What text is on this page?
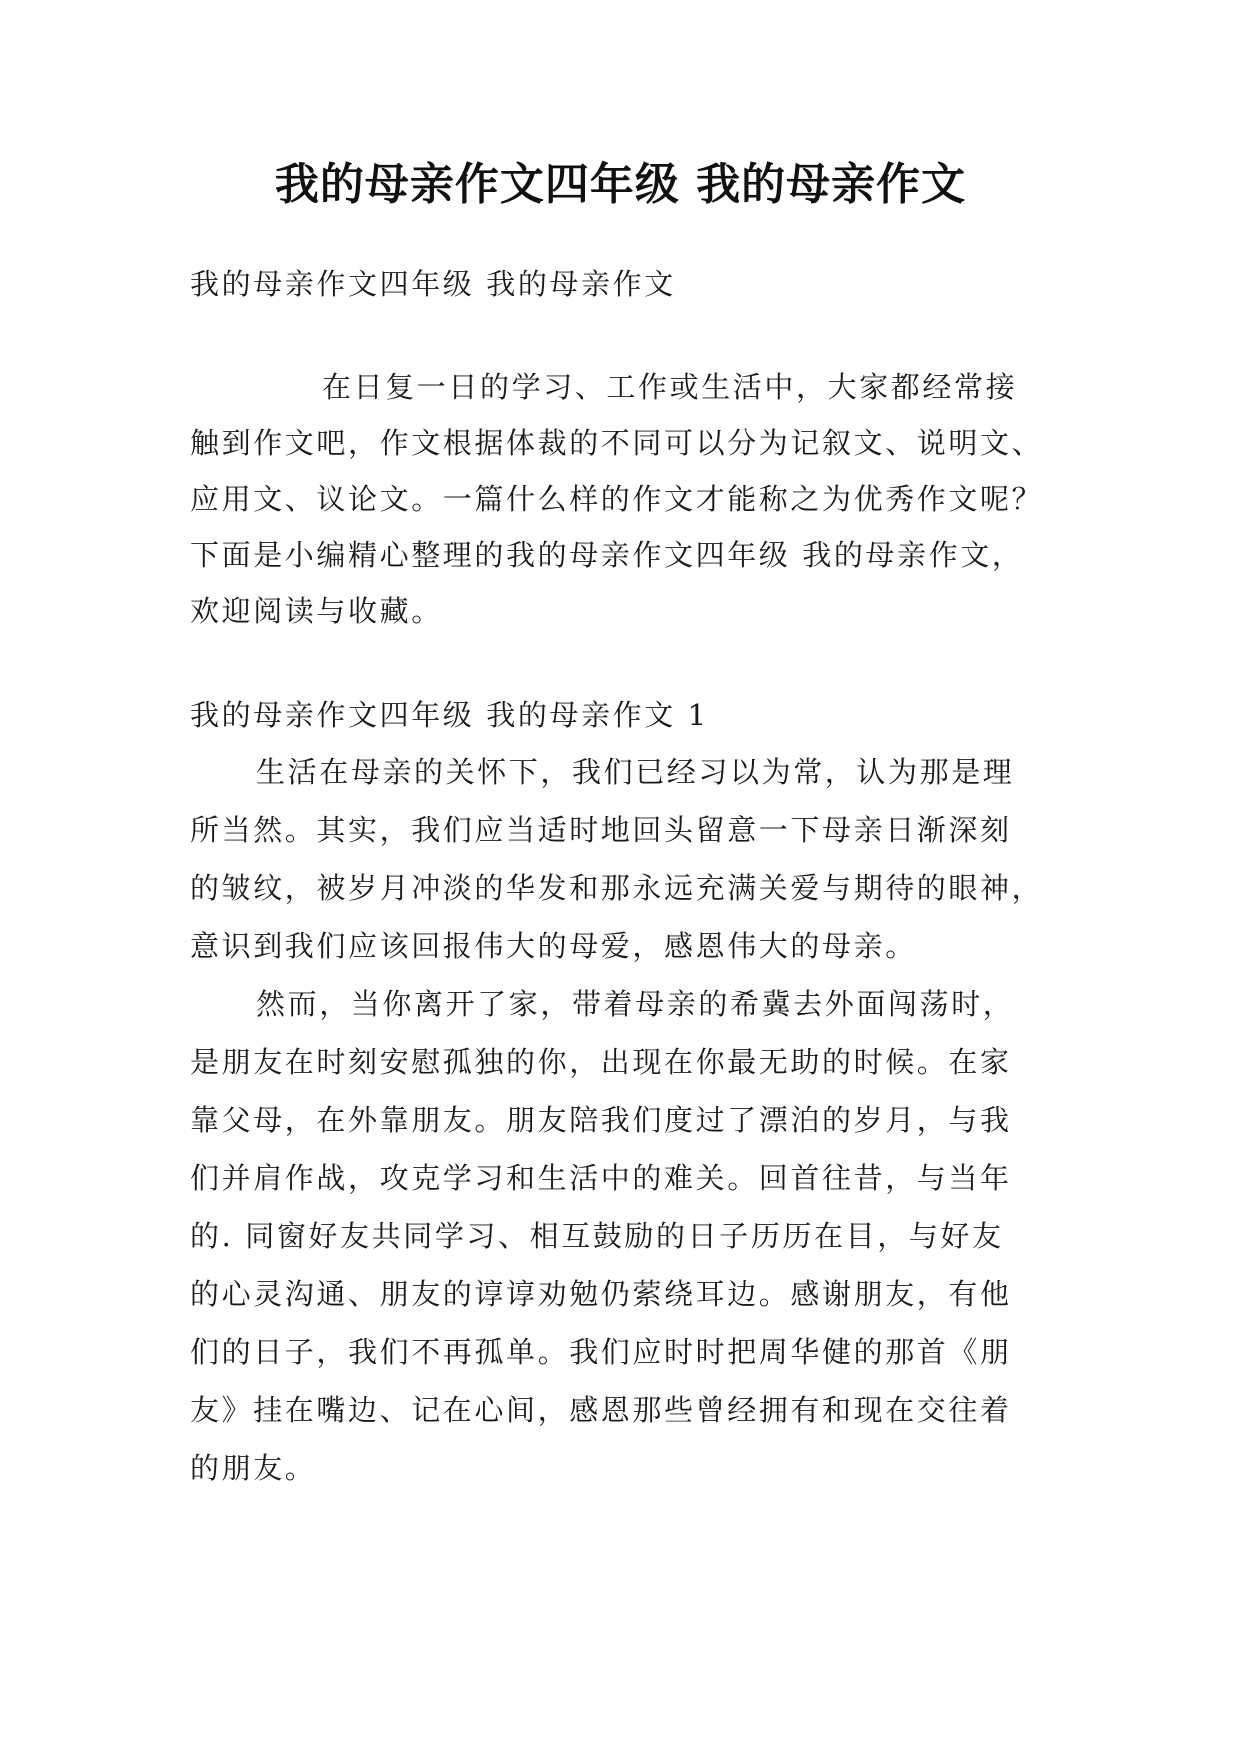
我的母亲作文四年级 我的母亲作文

我的母亲作文四年级 我的母亲作文

在日复一日的学习、工作或生活中，大家都经常接

触到作文吧，作文根据体裁的不同可以分为记叙文、说明文、

应用文、议论文。一篇什么样的作文才能称之为优秀作文呢？

下面是小编精心整理的我的母亲作文四年级 我的母亲作文，

欢迎阅读与收藏。

我的母亲作文四年级 我的母亲作文 1

生活在母亲的关怀下，我们已经习以为常，认为那是理

所当然。其实，我们应当适时地回头留意一下母亲日渐深刻

的皱纹，被岁月冲淡的华发和那永远充满关爱与期待的眼神，

意识到我们应该回报伟大的母爱，感恩伟大的母亲。

然而，当你离开了家，带着母亲的希冀去外面闯荡时，

是朋友在时刻安慰孤独的你，出现在你最无助的时候。在家

靠父母，在外靠朋友。朋友陪我们度过了漂泊的岁月，与我

们并肩作战，攻克学习和生活中的难关。回首往昔，与当年

的. 同窗好友共同学习、相互鼓励的日子历历在目，与好友

的心灵沟通、朋友的谆谆劝勉仍萦绕耳边。感谢朋友，有他

们的日子，我们不再孤单。我们应时时把周华健的那首《朋

友》挂在嘴边、记在心间，感恩那些曾经拥有和现在交往着

的朋友。
